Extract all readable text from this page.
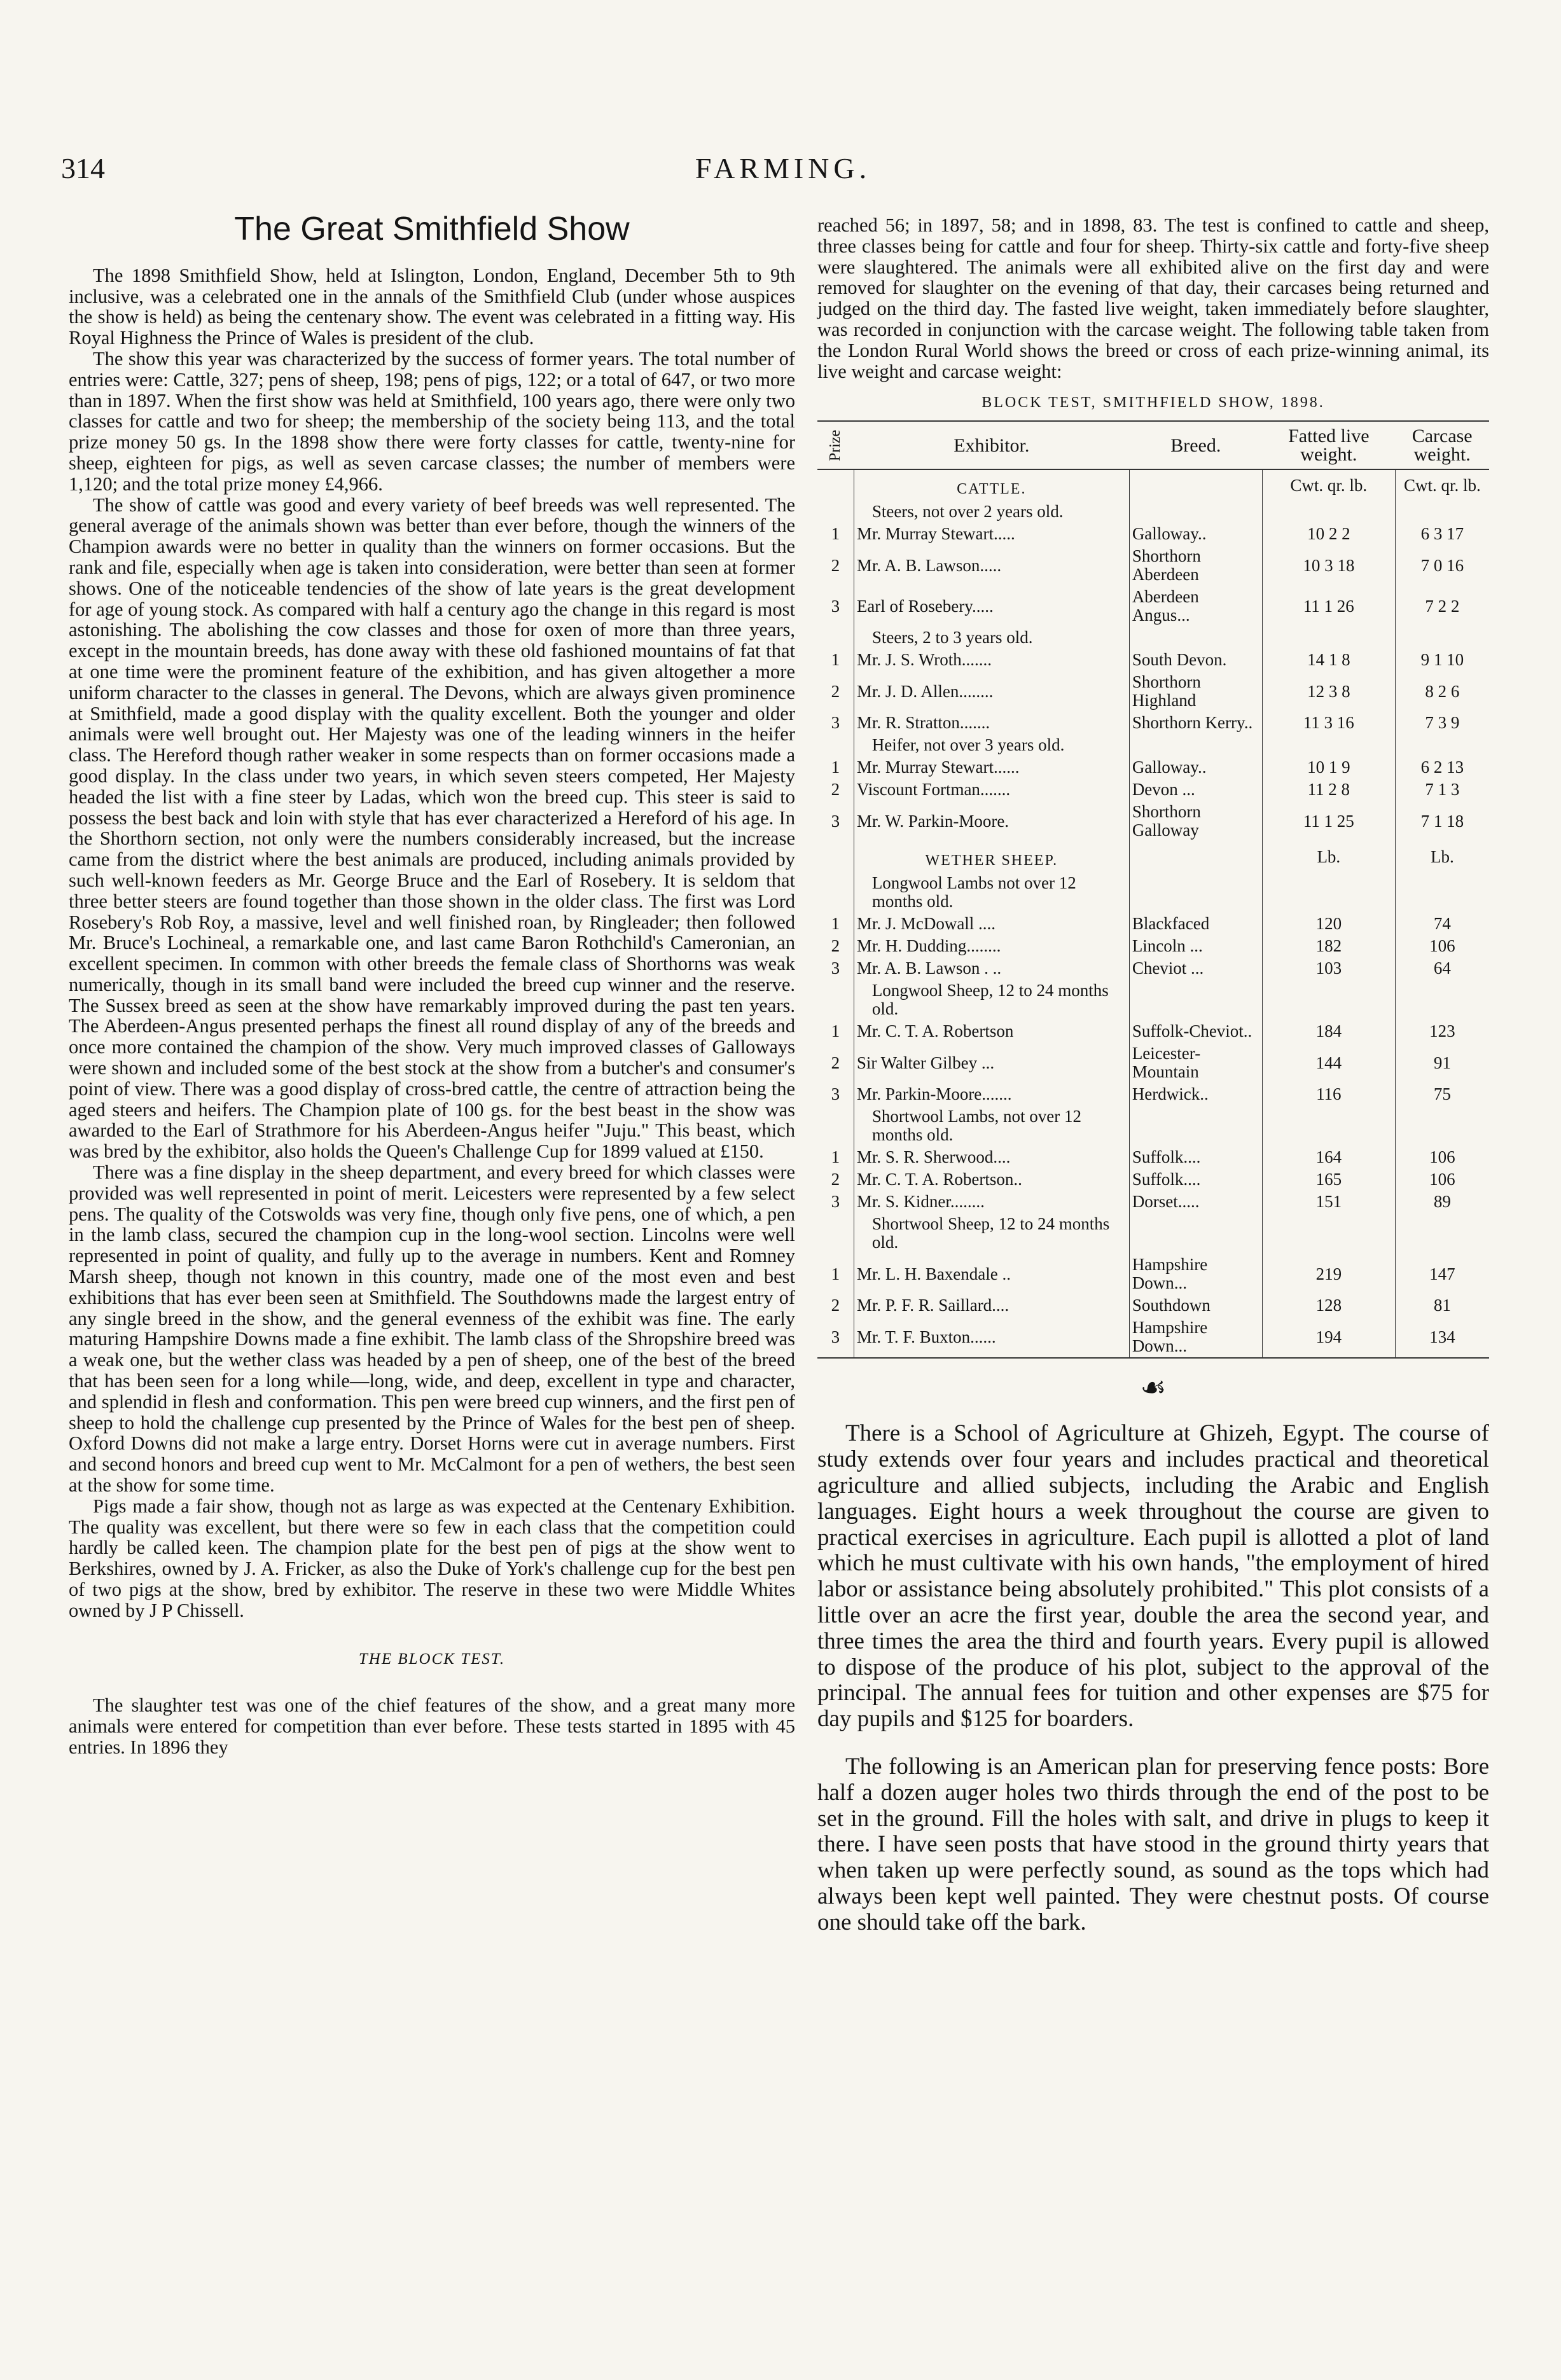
314	FARMING.
The Great Smithfield Show

The 1898 Smithfield Show, held at Islington, London, England, December 5th to 9th inclusive, was a celebrated one in the annals of the Smithfield Club (under whose auspices the show is held) as being the centenary show. The event was celebrated in a fitting way. His Royal Highness the Prince of Wales is president of the club.

The show this year was characterized by the success of former years. The total number of entries were: Cattle, 327; pens of sheep, 198; pens of pigs, 122; or a total of 647, or two more than in 1897. When the first show was held at Smithfield, 100 years ago, there were only two classes for cattle and two for sheep; the membership of the society being 113, and the total prize money 50 gs. In the 1898 show there were forty classes for cattle, twenty-nine for sheep, eighteen for pigs, as well as seven carcase classes; the number of members were 1,120; and the total prize money £4,966.

The show of cattle was good and every variety of beef breeds was well represented. The general average of the animals shown was better than ever before, though the winners of the Champion awards were no better in quality than the winners on former occasions. But the rank and file, especially when age is taken into consideration, were better than seen at former shows. One of the noticeable tendencies of the show of late years is the great development for age of young stock. As compared with half a century ago the change in this regard is most astonishing. The abolishing the cow classes and those for oxen of more than three years, except in the mountain breeds, has done away with these old fashioned mountains of fat that at one time were the prominent feature of the exhibition, and has given altogether a more uniform character to the classes in general. The Devons, which are always given prominence at Smithfield, made a good display with the quality excellent. Both the younger and older animals were well brought out. Her Majesty was one of the leading winners in the heifer class. The Hereford though rather weaker in some respects than on former occasions made a good display. In the class under two years, in which seven steers competed, Her Majesty headed the list with a fine steer by Ladas, which won the breed cup. This steer is said to possess the best back and loin with style that has ever characterized a Hereford of his age. In the Shorthorn section, not only were the numbers considerably increased, but the increase came from the district where the best animals are produced, including animals provided by such well-known feeders as Mr. George Bruce and the Earl of Rosebery. It is seldom that three better steers are found together than those shown in the older class. The first was Lord Rosebery's Rob Roy, a massive, level and well finished roan, by Ringleader; then followed Mr. Bruce's Lochineal, a remarkable one, and last came Baron Rothchild's Cameronian, an excellent specimen. In common with other breeds the female class of Shorthorns was weak numerically, though in its small band were included the breed cup winner and the reserve. The Sussex breed as seen at the show have remarkably improved during the past ten years. The Aberdeen-Angus presented perhaps the finest all round display of any of the breeds and once more contained the champion of the show. Very much improved classes of Galloways were shown and included some of the best stock at the show from a butcher's and consumer's point of view. There was a good display of cross-bred cattle, the centre of attraction being the aged steers and heifers. The Champion plate of 100 gs. for the best beast in the show was awarded to the Earl of Strathmore for his Aberdeen-Angus heifer "Juju." This beast, which was bred by the exhibitor, also holds the Queen's Challenge Cup for 1899 valued at £150.

There was a fine display in the sheep department, and every breed for which classes were provided was well represented in point of merit. Leicesters were represented by a few select pens. The quality of the Cotswolds was very fine, though only five pens, one of which, a pen in the lamb class, secured the champion cup in the long-wool section. Lincolns were well represented in point of quality, and fully up to the average in numbers. Kent and Romney Marsh sheep, though not known in this country, made one of the most even and best exhibitions that has ever been seen at Smithfield. The Southdowns made the largest entry of any single breed in the show, and the general evenness of the exhibit was fine. The early maturing Hampshire Downs made a fine exhibit. The lamb class of the Shropshire breed was a weak one, but the wether class was headed by a pen of sheep, one of the best of the breed that has been seen for a long while—long, wide, and deep, excellent in type and character, and splendid in flesh and conformation. This pen were breed cup winners, and the first pen of sheep to hold the challenge cup presented by the Prince of Wales for the best pen of sheep. Oxford Downs did not make a large entry. Dorset Horns were cut in average numbers. First and second honors and breed cup went to Mr. McCalmont for a pen of wethers, the best seen at the show for some time.

Pigs made a fair show, though not as large as was expected at the Centenary Exhibition. The quality was excellent, but there were so few in each class that the competition could hardly be called keen. The champion plate for the best pen of pigs at the show went to Berkshires, owned by J. A. Fricker, as also the Duke of York's challenge cup for the best pen of two pigs at the show, bred by exhibitor. The reserve in these two were Middle Whites owned by J P Chissell.

THE BLOCK TEST.

The slaughter test was one of the chief features of the show, and a great many more animals were entered for competition than ever before. These tests started in 1895 with 45 entries. In 1896 they

reached 56; in 1897, 58; and in 1898, 83. The test is confined to cattle and sheep, three classes being for cattle and four for sheep. Thirty-six cattle and forty-five sheep were slaughtered. The animals were all exhibited alive on the first day and were removed for slaughter on the evening of that day, their carcases being returned and judged on the third day. The fasted live weight, taken immediately before slaughter, was recorded in conjunction with the carcase weight. The following table taken from the London Rural World shows the breed or cross of each prize-winning animal, its live weight and carcase weight:

BLOCK TEST, SMITHFIELD SHOW, 1898.
Prize	Exhibitor.	Breed.	Fatted live weight.	Carcase weight.
	CATTLE.		Cwt. qr. lb.	Cwt. qr. lb.
	Steers, not over 2 years old.			
1	Mr. Murray Stewart.....	Galloway..	10 2 2	6 3 17
2	Mr. A. B. Lawson.....	Shorthorn Aberdeen	10 3 18	7 0 16
3	Earl of Rosebery.....	Aberdeen Angus...	11 1 26	7 2 2
	Steers, 2 to 3 years old.			
1	Mr. J. S. Wroth.......	South Devon.	14 1 8	9 1 10
2	Mr. J. D. Allen........	Shorthorn Highland	12 3 8	8 2 6
3	Mr. R. Stratton.......	Shorthorn Kerry..	11 3 16	7 3 9
	Heifer, not over 3 years old.			
1	Mr. Murray Stewart......	Galloway..	10 1 9	6 2 13
2	Viscount Fortman.......	Devon ...	11 2 8	7 1 3
3	Mr. W. Parkin-Moore.	Shorthorn Galloway	11 1 25	7 1 18
	WETHER SHEEP.		Lb.	Lb.
	Longwool Lambs not over 12 months old.			
1	Mr. J. McDowall ....	Blackfaced	120	74
2	Mr. H. Dudding........	Lincoln ...	182	106
3	Mr. A. B. Lawson . ..	Cheviot ...	103	64
	Longwool Sheep, 12 to 24 months old.			
1	Mr. C. T. A. Robertson	Suffolk-Cheviot..	184	123
2	Sir Walter Gilbey ...	Leicester-Mountain	144	91
3	Mr. Parkin-Moore.......	Herdwick..	116	75
	Shortwool Lambs, not over 12 months old.			
1	Mr. S. R. Sherwood....	Suffolk....	164	106
2	Mr. C. T. A. Robertson..	Suffolk....	165	106
3	Mr. S. Kidner........	Dorset.....	151	89
	Shortwool Sheep, 12 to 24 months old.			
1	Mr. L. H. Baxendale ..	Hampshire Down...	219	147
2	Mr. P. F. R. Saillard....	Southdown	128	81
3	Mr. T. F. Buxton......	Hampshire Down...	194	134
☙

There is a School of Agriculture at Ghizeh, Egypt. The course of study extends over four years and includes practical and theoretical agriculture and allied subjects, including the Arabic and English languages. Eight hours a week throughout the course are given to practical exercises in agriculture. Each pupil is allotted a plot of land which he must cultivate with his own hands, "the employment of hired labor or assistance being absolutely prohibited." This plot consists of a little over an acre the first year, double the area the second year, and three times the area the third and fourth years. Every pupil is allowed to dispose of the produce of his plot, subject to the approval of the principal. The annual fees for tuition and other expenses are $75 for day pupils and $125 for boarders.

The following is an American plan for preserving fence posts: Bore half a dozen auger holes two thirds through the end of the post to be set in the ground. Fill the holes with salt, and drive in plugs to keep it there. I have seen posts that have stood in the ground thirty years that when taken up were perfectly sound, as sound as the tops which had always been kept well painted. They were chestnut posts. Of course one should take off the bark.
